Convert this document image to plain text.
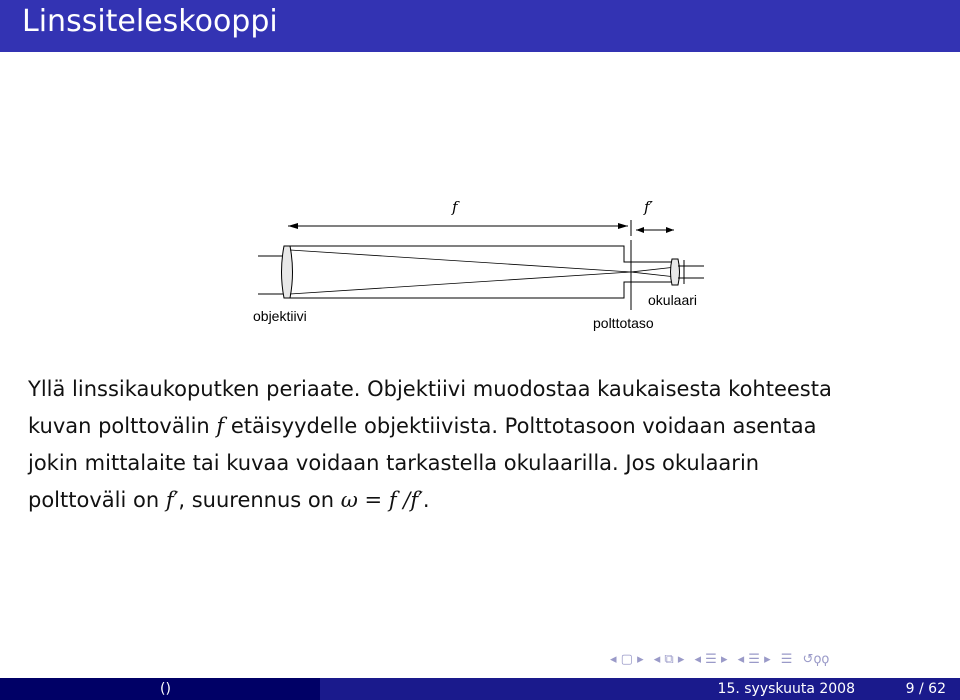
Linssiteleskooppi
f	f′
objektiivi
okulaari
polttotaso
Yllä linssikaukoputken periaate. Objektiivi muodostaa kaukaisesta kohteesta
kuvan polttovälin f etäisyydelle objektiivista. Polttotasoon voidaan asentaa
jokin mittalaite tai kuvaa voidaan tarkastella okulaarilla. Jos okulaarin
polttoväli on f′, suurennus on ω = f /f′.
◂ ▢ ▸ ◂ ⧉ ▸ ◂ ☰ ▸ ◂ ☰ ▸ ☰ ↺ϙϙ
()	15. syyskuuta 2008	9 / 62
